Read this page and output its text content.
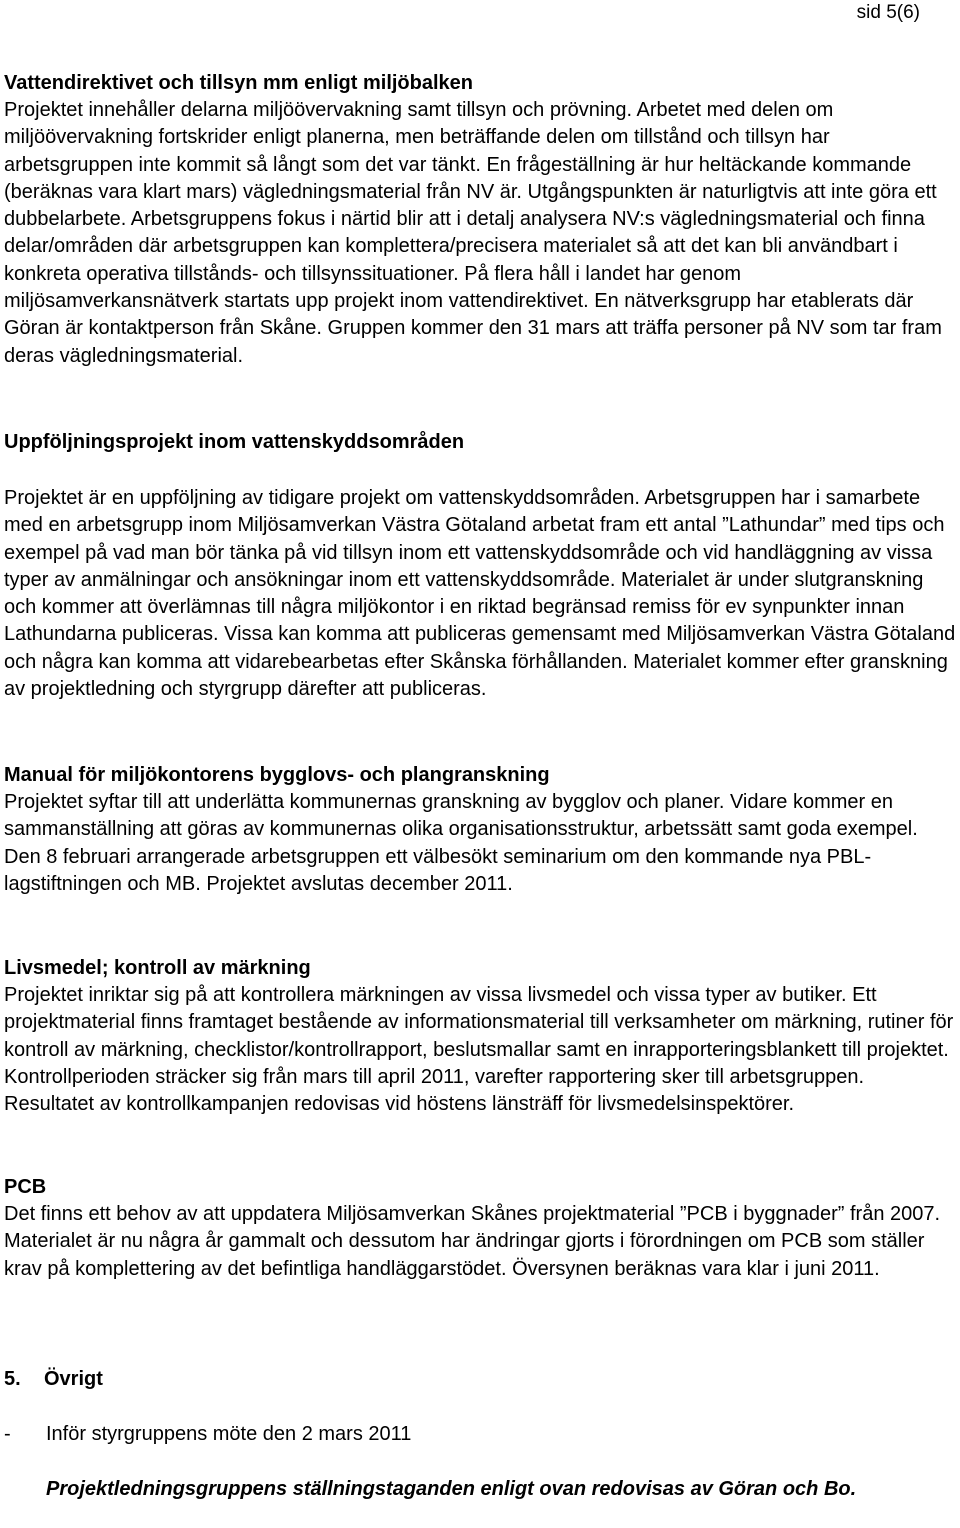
sid 5(6)
Vattendirektivet och tillsyn mm enligt miljöbalken

Projektet innehåller delarna miljöövervakning samt tillsyn och prövning. Arbetet med delen om miljöövervakning fortskrider enligt planerna, men beträffande delen om tillstånd och tillsyn har arbetsgruppen inte kommit så långt som det var tänkt. En frågeställning är hur heltäckande kommande (beräknas vara klart mars) vägledningsmaterial från NV är. Utgångspunkten är naturligtvis att inte göra ett dubbelarbete. Arbetsgruppens fokus i närtid blir att i detalj analysera NV:s vägledningsmaterial och finna delar/områden där arbetsgruppen kan komplettera/precisera materialet så att det kan bli användbart i konkreta operativa tillstånds- och tillsynssituationer. På flera håll i landet har genom miljösamverkansnätverk startats upp projekt inom vattendirektivet. En nätverksgrupp har etablerats där Göran är kontaktperson från Skåne. Gruppen kommer den 31 mars att träffa personer på NV som tar fram deras vägledningsmaterial.

Uppföljningsprojekt inom vattenskyddsområden

Projektet är en uppföljning av tidigare projekt om vattenskyddsområden. Arbetsgruppen har i samarbete med en arbetsgrupp inom Miljösamverkan Västra Götaland arbetat fram ett antal ”Lathundar” med tips och exempel på vad man bör tänka på vid tillsyn inom ett vattenskyddsområde och vid handläggning av vissa typer av anmälningar och ansökningar inom ett vattenskyddsområde. Materialet är under slutgranskning och kommer att överlämnas till några miljökontor i en riktad begränsad remiss för ev synpunkter innan Lathundarna publiceras. Vissa kan komma att publiceras gemensamt med Miljösamverkan Västra Götaland och några kan komma att vidarebearbetas efter Skånska förhållanden. Materialet kommer efter granskning av projektledning och styrgrupp därefter att publiceras.

Manual för miljökontorens bygglovs- och plangranskning

Projektet syftar till att underlätta kommunernas granskning av bygglov och planer. Vidare kommer en sammanställning att göras av kommunernas olika organisationsstruktur, arbetssätt samt goda exempel. Den 8 februari arrangerade arbetsgruppen ett välbesökt seminarium om den kommande nya PBL-lagstiftningen och MB. Projektet avslutas december 2011.

Livsmedel; kontroll av märkning

Projektet inriktar sig på att kontrollera märkningen av vissa livsmedel och vissa typer av butiker. Ett projektmaterial finns framtaget bestående av informationsmaterial till verksamheter om märkning, rutiner för kontroll av märkning, checklistor/kontrollrapport, beslutsmallar samt en inrapporteringsblankett till projektet. Kontrollperioden sträcker sig från mars till april 2011, varefter rapportering sker till arbetsgruppen. Resultatet av kontrollkampanjen redovisas vid höstens länsträff för livsmedelsinspektörer.

PCB

Det finns ett behov av att uppdatera Miljösamverkan Skånes projektmaterial ”PCB i byggnader” från 2007. Materialet är nu några år gammalt och dessutom har ändringar gjorts i förordningen om PCB som ställer krav på komplettering av det befintliga handläggarstödet. Översynen beräknas vara klar i juni 2011.

5. Övrigt
- Inför styrgruppens möte den 2 mars 2011
Projektledningsgruppens ställningstaganden enligt ovan redovisas av Göran och Bo.
